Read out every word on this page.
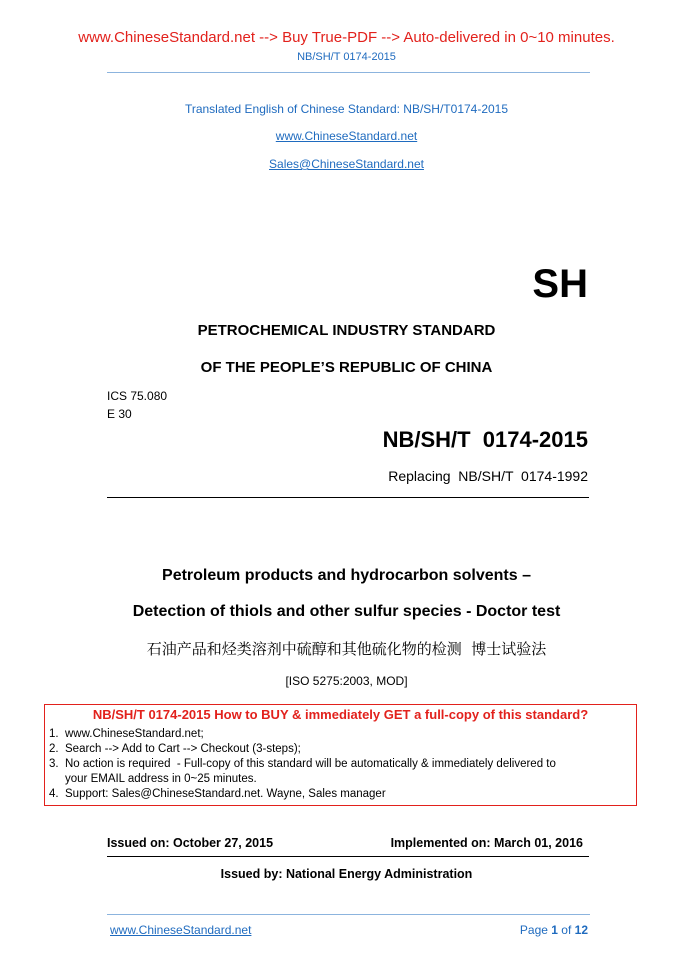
www.ChineseStandard.net --> Buy True-PDF --> Auto-delivered in 0~10 minutes.
NB/SH/T 0174-2015
Translated English of Chinese Standard: NB/SH/T0174-2015
www.ChineseStandard.net
Sales@ChineseStandard.net
SH
PETROCHEMICAL INDUSTRY STANDARD
OF THE PEOPLE’S REPUBLIC OF CHINA
ICS 75.080
E 30
NB/SH/T  0174-2015
Replacing  NB/SH/T  0174-1992
Petroleum products and hydrocarbon solvents –
Detection of thiols and other sulfur species - Doctor test
石油产品和烃类溶剂中硫醇和其他硫化物的检测  博士试验法
[ISO 5275:2003, MOD]
NB/SH/T 0174-2015 How to BUY & immediately GET a full-copy of this standard?
1. www.ChineseStandard.net;
2. Search --> Add to Cart --> Checkout (3-steps);
3. No action is required  - Full-copy of this standard will be automatically & immediately delivered to
your EMAIL address in 0~25 minutes.
4. Support: Sales@ChineseStandard.net. Wayne, Sales manager
Issued on: October 27, 2015	Implemented on: March 01, 2016
Issued by: National Energy Administration
www.ChineseStandard.net	Page 1 of 12
